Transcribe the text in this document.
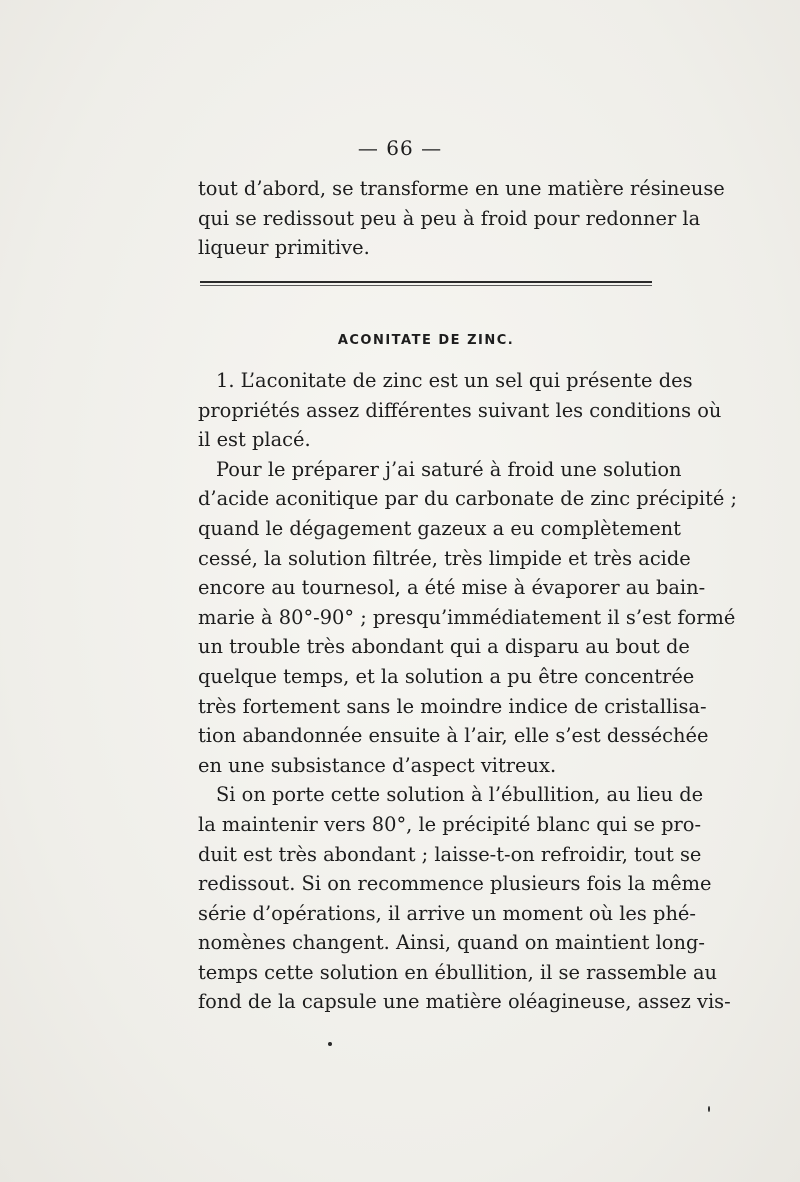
— 66 —
tout d’abord, se transforme en une matière résineuse
qui se redissout peu à peu à froid pour redonner la
liqueur primitive.
ACONITATE DE ZINC.
1. L’aconitate de zinc est un sel qui présente des
propriétés assez différentes suivant les conditions où
il est placé.
Pour le préparer j’ai saturé à froid une solution
d’acide aconitique par du carbonate de zinc précipité ;
quand le dégagement gazeux a eu complètement
cessé, la solution filtrée, très limpide et très acide
encore au tournesol, a été mise à évaporer au bain-
marie à 80°-90° ; presqu’immédiatement il s’est formé
un trouble très abondant qui a disparu au bout de
quelque temps, et la solution a pu être concentrée
très fortement sans le moindre indice de cristallisa-
tion abandonnée ensuite à l’air, elle s’est desséchée
en une subsistance d’aspect vitreux.
Si on porte cette solution à l’ébullition, au lieu de
la maintenir vers 80°, le précipité blanc qui se pro-
duit est très abondant ; laisse-t-on refroidir, tout se
redissout. Si on recommence plusieurs fois la même
série d’opérations, il arrive un moment où les phé-
nomènes changent. Ainsi, quand on maintient long-
temps cette solution en ébullition, il se rassemble au
fond de la capsule une matière oléagineuse, assez vis-
